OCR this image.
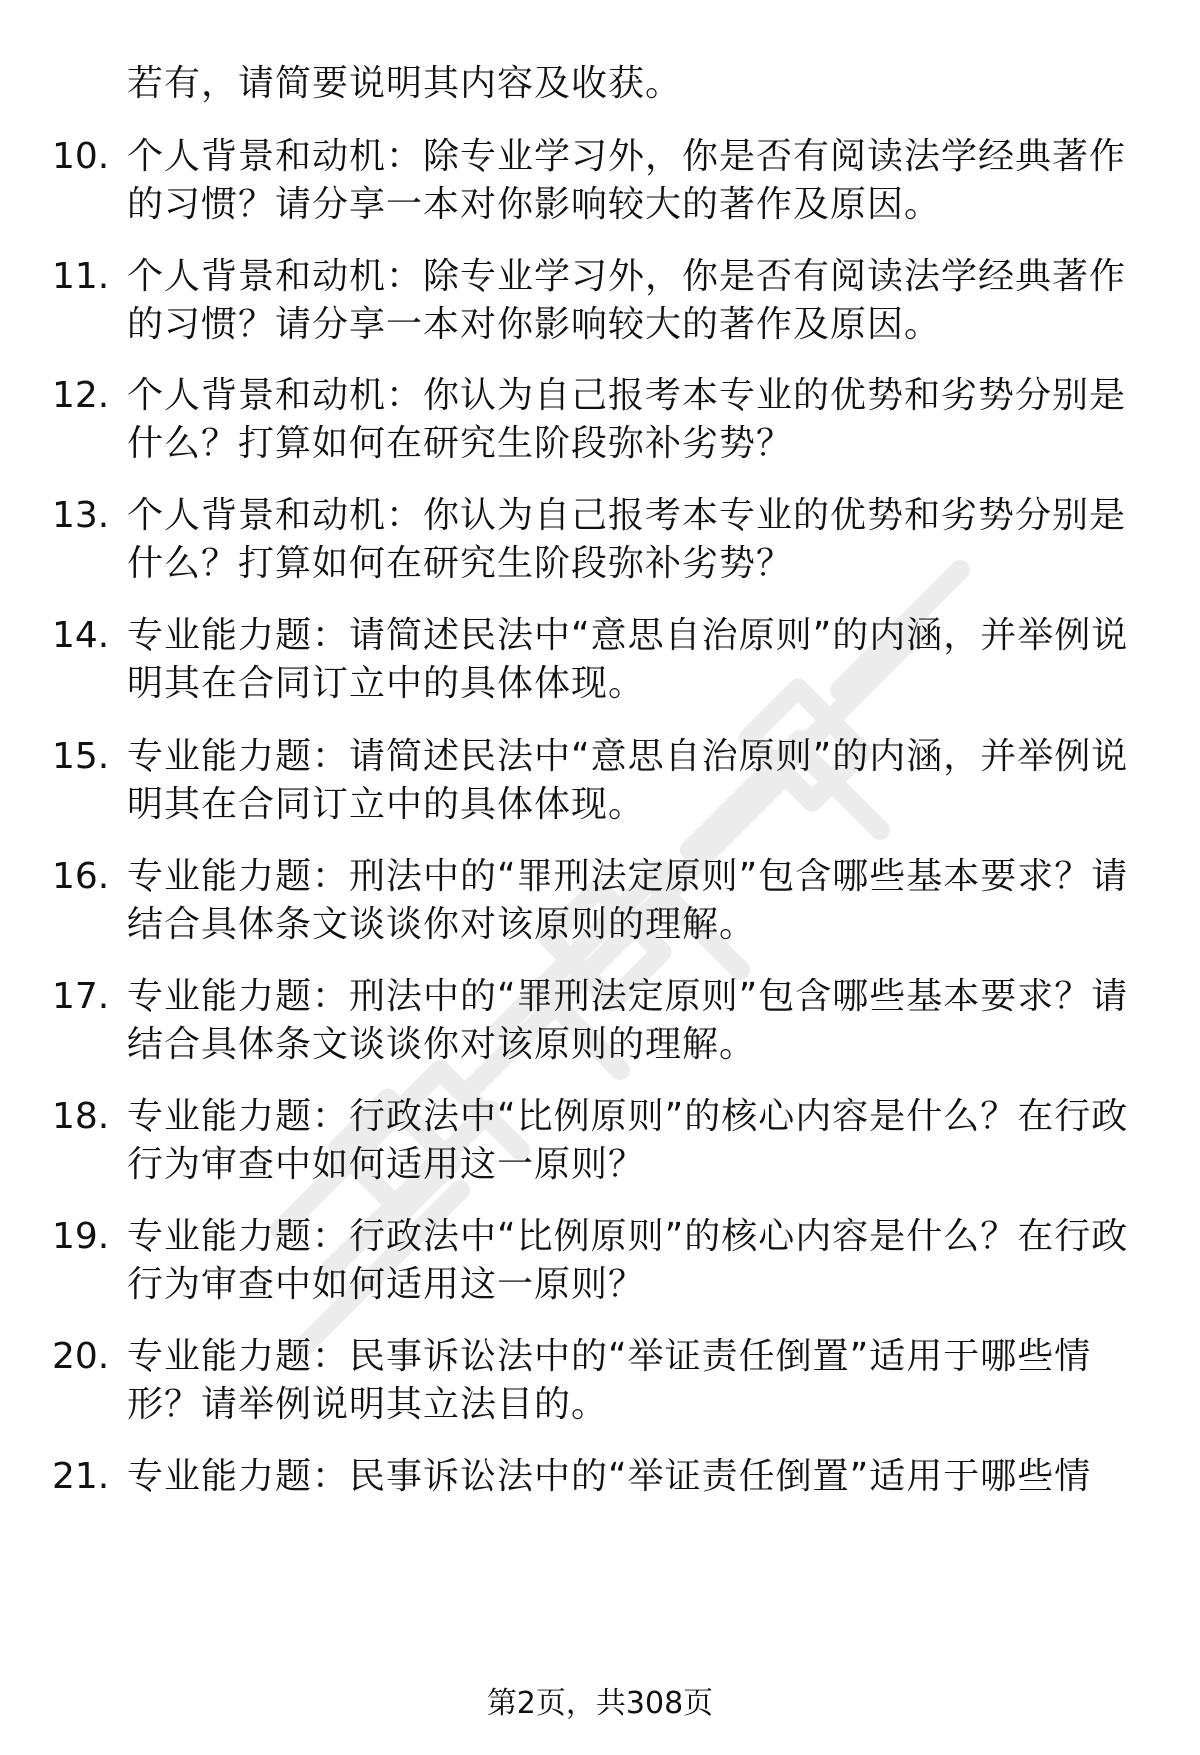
若有，请简要说明其内容及收获。
10. 个人背景和动机：除专业学习外，你是否有阅读法学经典著作的习惯？请分享一本对你影响较大的著作及原因。
11. 个人背景和动机：除专业学习外，你是否有阅读法学经典著作的习惯？请分享一本对你影响较大的著作及原因。
12. 个人背景和动机：你认为自己报考本专业的优势和劣势分别是什么？打算如何在研究生阶段弥补劣势？
13. 个人背景和动机：你认为自己报考本专业的优势和劣势分别是什么？打算如何在研究生阶段弥补劣势？
14. 专业能力题：请简述民法中“意思自治原则”的内涵，并举例说明其在合同订立中的具体体现。
15. 专业能力题：请简述民法中“意思自治原则”的内涵，并举例说明其在合同订立中的具体体现。
16. 专业能力题：刑法中的“罪刑法定原则”包含哪些基本要求？请结合具体条文谈谈你对该原则的理解。
17. 专业能力题：刑法中的“罪刑法定原则”包含哪些基本要求？请结合具体条文谈谈你对该原则的理解。
18. 专业能力题：行政法中“比例原则”的核心内容是什么？在行政行为审查中如何适用这一原则？
19. 专业能力题：行政法中“比例原则”的核心内容是什么？在行政行为审查中如何适用这一原则？
20. 专业能力题：民事诉讼法中的“举证责任倒置”适用于哪些情形？请举例说明其立法目的。
21. 专业能力题：民事诉讼法中的“举证责任倒置”适用于哪些情
第2页，共308页
